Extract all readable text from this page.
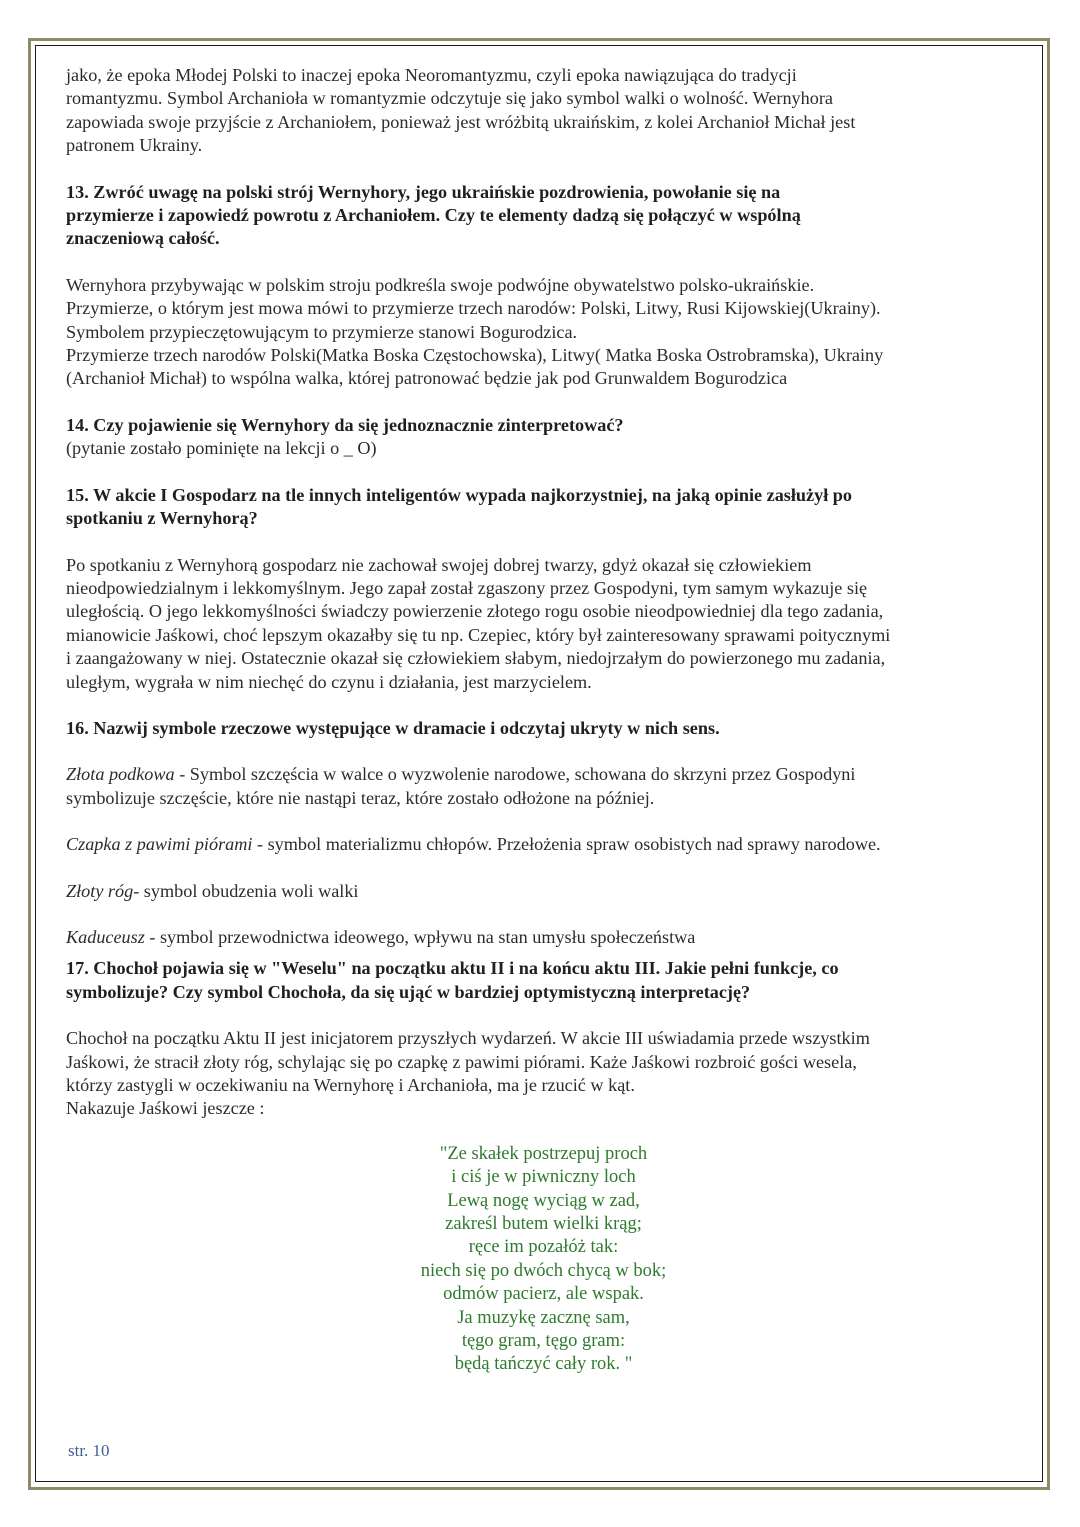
jako, że epoka Młodej Polski to inaczej epoka Neoromantyzmu, czyli epoka nawiązująca do tradycji

romantyzmu. Symbol Archanioła w romantyzmie odczytuje się jako symbol walki o wolność. Wernyhora

zapowiada swoje przyjście z Archaniołem, ponieważ jest wróżbitą ukraińskim, z kolei Archanioł Michał jest

patronem Ukrainy.

13. Zwróć uwagę na polski strój Wernyhory, jego ukraińskie pozdrowienia, powołanie się na

przymierze i zapowiedź powrotu z Archaniołem. Czy te elementy dadzą się połączyć w wspólną

znaczeniową całość.

Wernyhora przybywając w polskim stroju podkreśla swoje podwójne obywatelstwo polsko-ukraińskie.

Przymierze, o którym jest mowa mówi to przymierze trzech narodów: Polski, Litwy, Rusi Kijowskiej(Ukrainy).

Symbolem przypieczętowującym to przymierze stanowi Bogurodzica.

Przymierze trzech narodów Polski(Matka Boska Częstochowska), Litwy( Matka Boska Ostrobramska), Ukrainy

(Archanioł Michał) to wspólna walka, której patronować będzie jak pod Grunwaldem Bogurodzica

14. Czy pojawienie się Wernyhory da się jednoznacznie zinterpretować?

(pytanie zostało pominięte na lekcji o _ O)

15. W akcie I Gospodarz na tle innych inteligentów wypada najkorzystniej, na jaką opinie zasłużył po

spotkaniu z Wernyhorą?

Po spotkaniu z Wernyhorą gospodarz nie zachował swojej dobrej twarzy, gdyż okazał się człowiekiem

nieodpowiedzialnym i lekkomyślnym. Jego zapał został zgaszony przez Gospodyni, tym samym wykazuje się

uległością. O jego lekkomyślności świadczy powierzenie złotego rogu osobie nieodpowiedniej dla tego zadania,

mianowicie Jaśkowi, choć lepszym okazałby się tu np. Czepiec, który był zainteresowany sprawami poitycznymi

i zaangażowany w niej. Ostatecznie okazał się człowiekiem słabym, niedojrzałym do powierzonego mu zadania,

uległym, wygrała w nim niechęć do czynu i działania, jest marzycielem.

16. Nazwij symbole rzeczowe występujące w dramacie i odczytaj ukryty w nich sens.

Złota podkowa - Symbol szczęścia w walce o wyzwolenie narodowe, schowana do skrzyni przez Gospodyni

symbolizuje szczęście, które nie nastąpi teraz, które zostało odłożone na później.

Czapka z pawimi piórami - symbol materializmu chłopów. Przełożenia spraw osobistych nad sprawy narodowe.

Złoty róg- symbol obudzenia woli walki

Kaduceusz - symbol przewodnictwa ideowego, wpływu na stan umysłu społeczeństwa

17. Chochoł pojawia się w "Weselu" na początku aktu II i na końcu aktu III. Jakie pełni funkcje, co

symbolizuje? Czy symbol Chochoła, da się ująć w bardziej optymistyczną interpretację?

Chochoł na początku Aktu II jest inicjatorem przyszłych wydarzeń. W akcie III uświadamia przede wszystkim

Jaśkowi, że stracił złoty róg, schylając się po czapkę z pawimi piórami. Każe Jaśkowi rozbroić gości wesela,

którzy zastygli w oczekiwaniu na Wernyhorę i Archanioła, ma je rzucić w kąt.

Nakazuje Jaśkowi jeszcze :

"Ze skałek postrzepuj proch

i ciś je w piwniczny loch

Lewą nogę wyciąg w zad,

zakreśl butem wielki krąg;

ręce im pozałóż tak:

niech się po dwóch chycą w bok;

odmów pacierz, ale wspak.

Ja muzykę zacznę sam,

tęgo gram, tęgo gram:

będą tańczyć cały rok. "

str. 10
